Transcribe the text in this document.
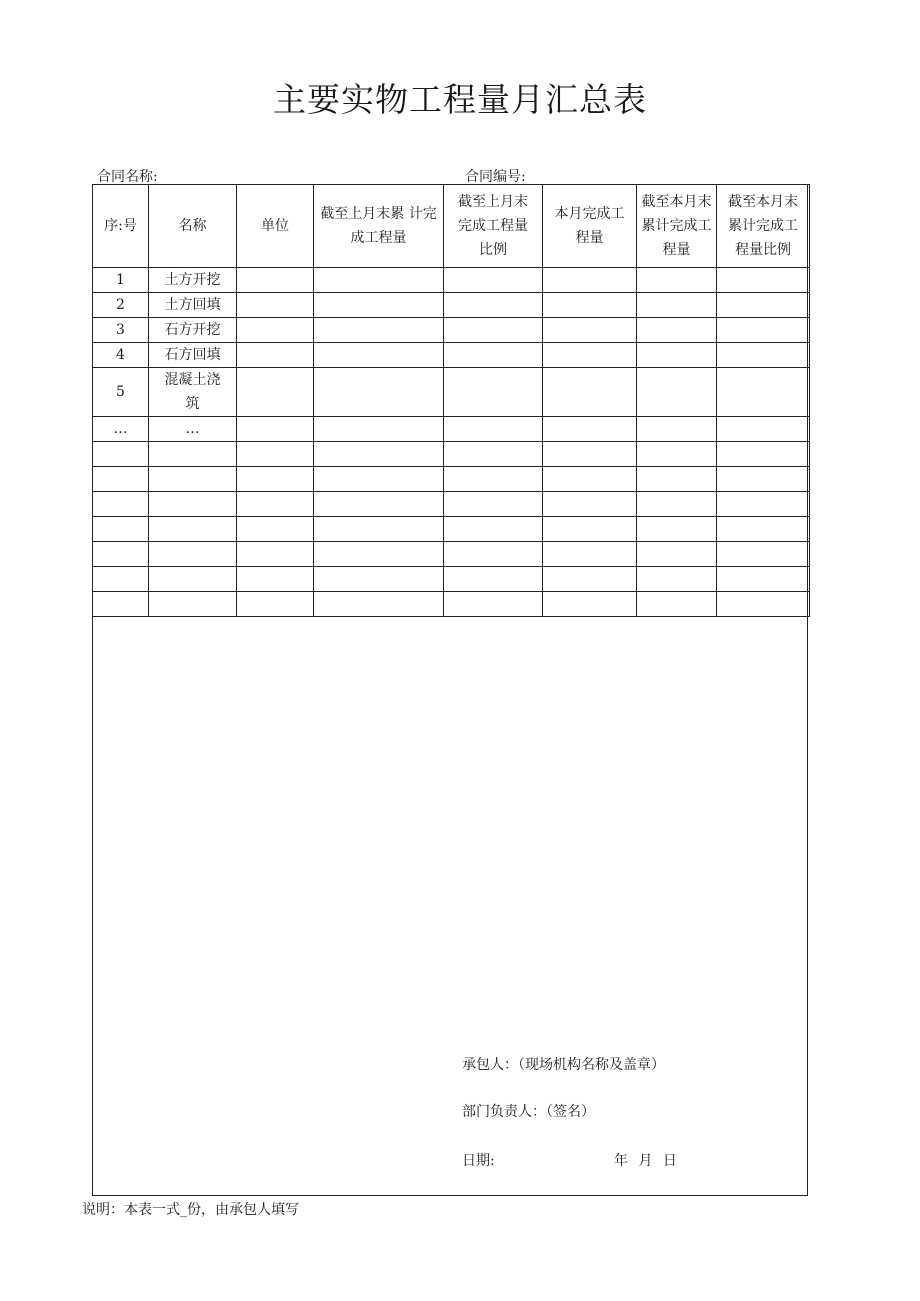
主要实物工程量月汇总表
合同名称:	合同编号:
序:号	名称	单位	截至上月末累 计完成工程量	截至上月末完成工程量比例	本月完成工程量	截至本月末累计完成工程量	截至本月末累计完成工程量比例
1	土方开挖						
2	土方回填						
3	石方开挖						
4	石方回填						
5	混凝土浇筑						
…	…						

承包人：（现场机构名称及盖章）
部门负责人：（签名）
日期:	年 月 日
说明：本表一式_份，由承包人填写
